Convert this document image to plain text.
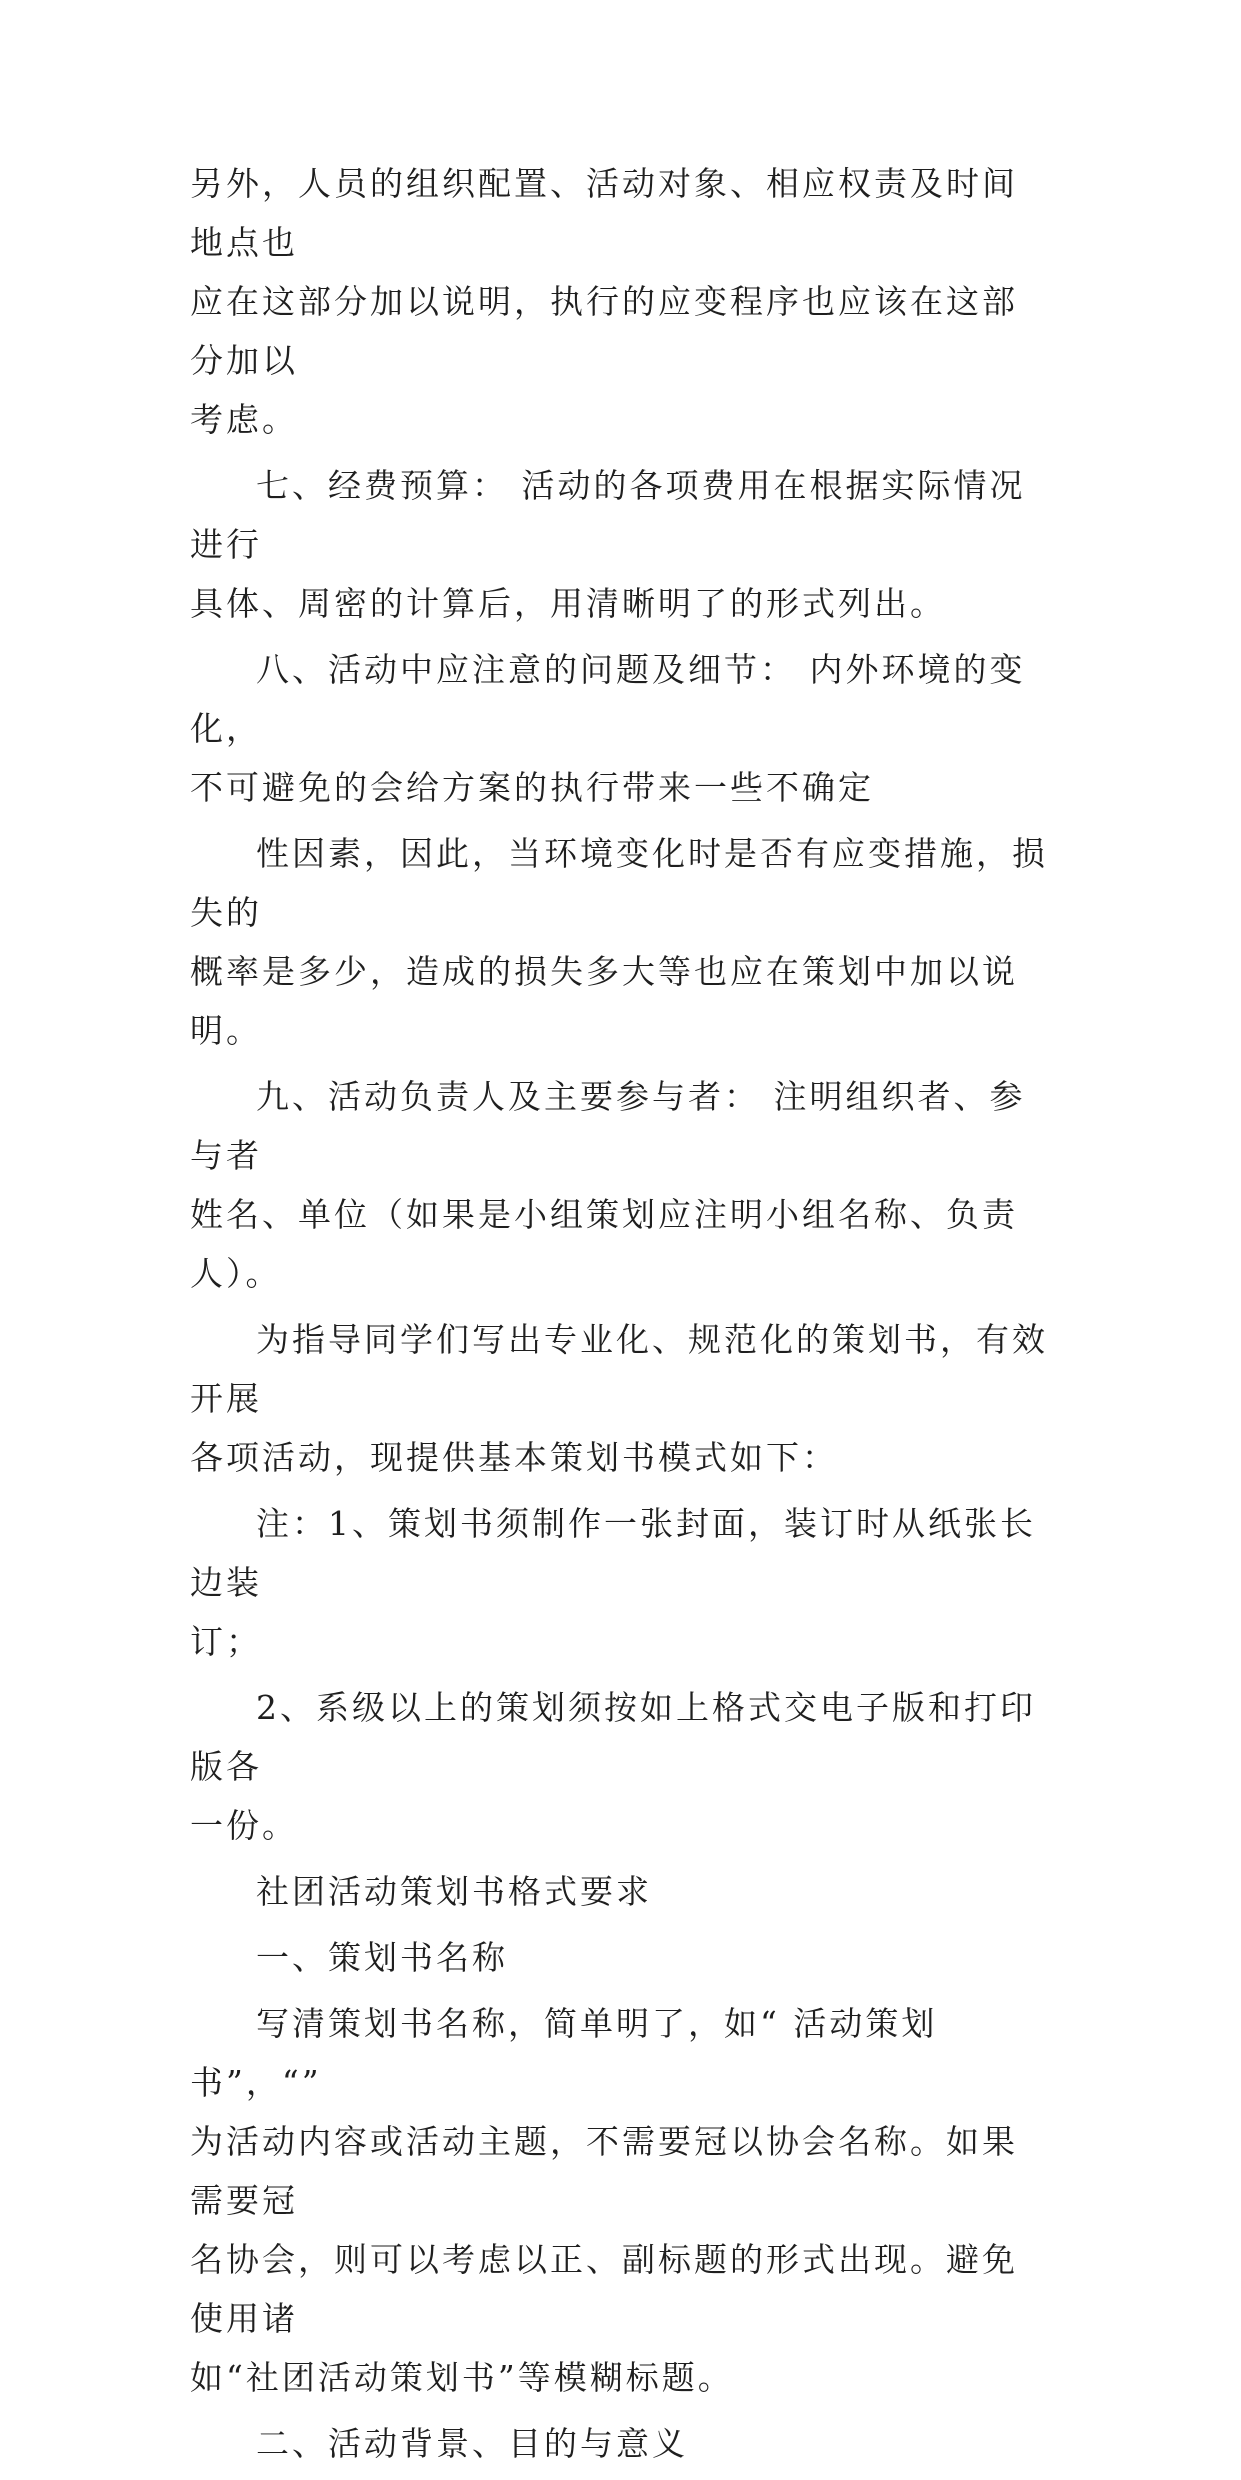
另外，人员的组织配置、活动对象、相应权责及时间地点也
应在这部分加以说明，执行的应变程序也应该在这部分加以
考虑。

七、经费预算： 活动的各项费用在根据实际情况进行
具体、周密的计算后，用清晰明了的形式列出。

八、活动中应注意的问题及细节： 内外环境的变化，
不可避免的会给方案的执行带来一些不确定

性因素，因此，当环境变化时是否有应变措施，损失的
概率是多少，造成的损失多大等也应在策划中加以说明。

九、活动负责人及主要参与者： 注明组织者、参与者
姓名、单位（如果是小组策划应注明小组名称、负责人）。

为指导同学们写出专业化、规范化的策划书，有效开展
各项活动，现提供基本策划书模式如下：

注：1、策划书须制作一张封面，装订时从纸张长边装
订；

2、系级以上的策划须按如上格式交电子版和打印版各
一份。

社团活动策划书格式要求

一、策划书名称

写清策划书名称，简单明了，如“ 活动策划书”，“”
为活动内容或活动主题，不需要冠以协会名称。如果需要冠
名协会，则可以考虑以正、副标题的形式出现。避免使用诸
如“社团活动策划书”等模糊标题。

二、活动背景、目的与意义
